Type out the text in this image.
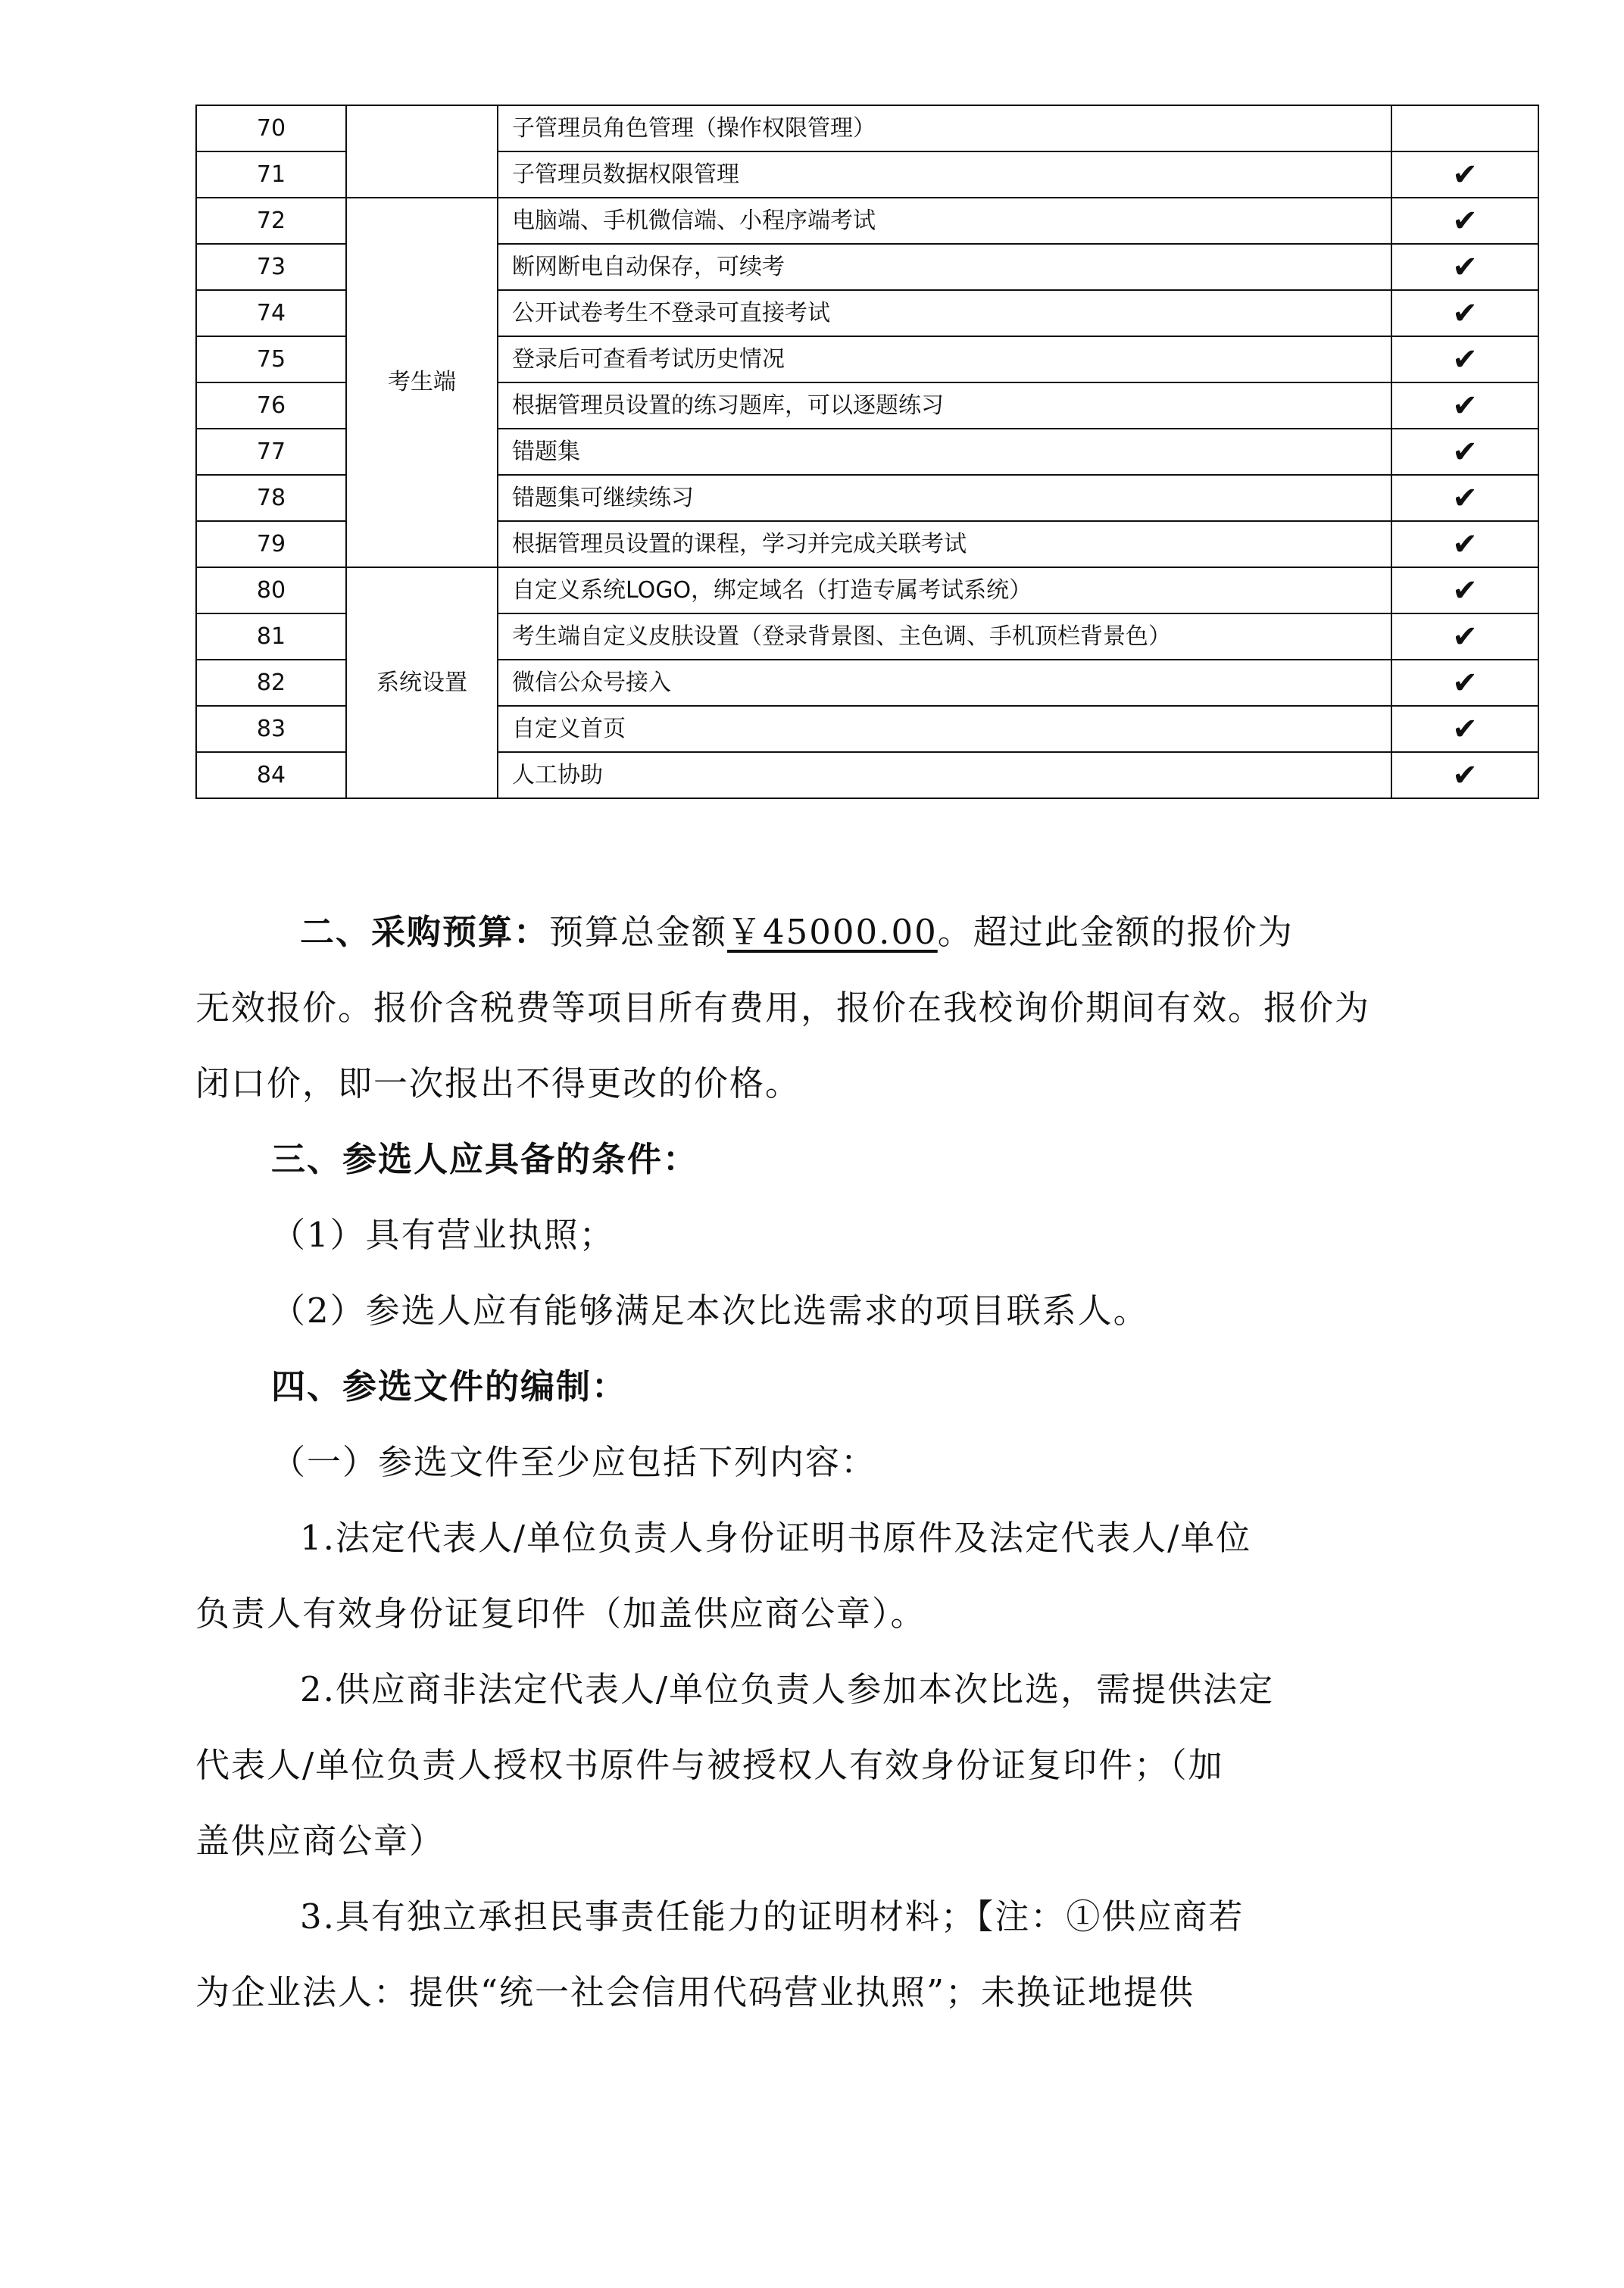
70		子管理员角色管理（操作权限管理）	
71		子管理员数据权限管理	✔
72	考生端	电脑端、手机微信端、小程序端考试	✔
73		断网断电自动保存，可续考	✔
74		公开试卷考生不登录可直接考试	✔
75		登录后可查看考试历史情况	✔
76		根据管理员设置的练习题库，可以逐题练习	✔
77		错题集	✔
78		错题集可继续练习	✔
79		根据管理员设置的课程，学习并完成关联考试	✔
80	系统设置	自定义系统LOGO，绑定域名（打造专属考试系统）	✔
81		考生端自定义皮肤设置（登录背景图、主色调、手机顶栏背景色）	✔
82		微信公众号接入	✔
83		自定义首页	✔
84		人工协助	✔

二、采购预算：预算总金额￥45000.00。超过此金额的报价为

无效报价。报价含税费等项目所有费用，报价在我校询价期间有效。报价为

闭口价，即一次报出不得更改的价格。

三、参选人应具备的条件：

（1）具有营业执照；

（2）参选人应有能够满足本次比选需求的项目联系人。

四、参选文件的编制：

（一）参选文件至少应包括下列内容：

1.法定代表人/单位负责人身份证明书原件及法定代表人/单位

负责人有效身份证复印件（加盖供应商公章）。

2.供应商非法定代表人/单位负责人参加本次比选，需提供法定

代表人/单位负责人授权书原件与被授权人有效身份证复印件；（加

盖供应商公章）

3.具有独立承担民事责任能力的证明材料；【注：①供应商若

为企业法人：提供“统一社会信用代码营业执照”；未换证地提供
